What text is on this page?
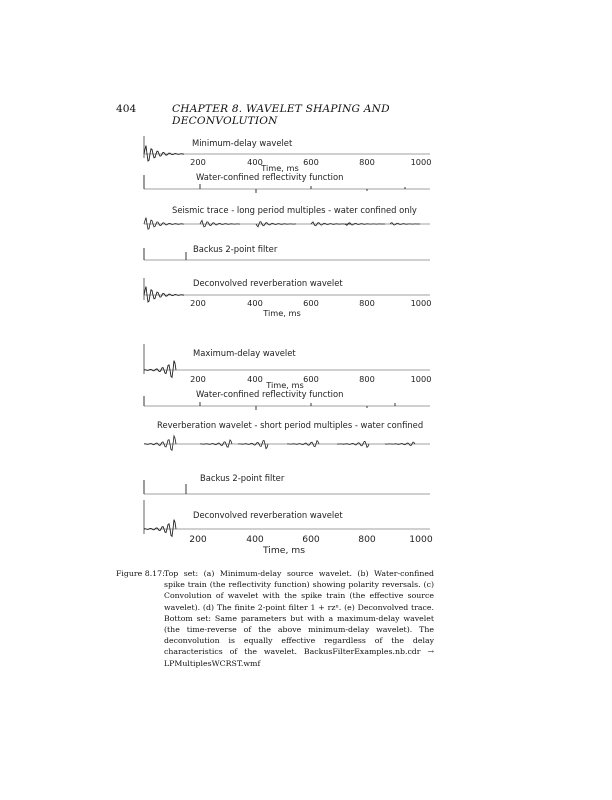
404	CHAPTER 8. WAVELET SHAPING AND DECONVOLUTION
Minimum-delay wavelet
200	400	600	800	1000
Time, ms
Water-confined reflectivity function
Seismic trace - long period multiples - water confined only
Backus 2-point filter
Deconvolved reverberation wavelet
200	400	600	800	1000
Time, ms
Maximum-delay wavelet
200	400	600	800	1000
Time, ms
Water-confined reflectivity function
Reverberation wavelet - short period multiples - water confined
Backus 2-point filter
Deconvolved reverberation wavelet
200	400	600	800	1000
Time, ms
Figure 8.17: Top set: (a) Minimum-delay source wavelet. (b) Water-confined spike train (the reflectivity function) showing polarity reversals. (c) Convolution of wavelet with the spike train (the effective source wavelet). (d) The finite 2-point filter 1 + rzⁿ. (e) Deconvolved trace. Bottom set: Same parameters but with a maximum-delay wavelet (the time-reverse of the above minimum-delay wavelet). The deconvolution is equally effective regardless of the delay characteristics of the wavelet. BackusFilterExamples.nb.cdr → LPMultiplesWCRST.wmf
